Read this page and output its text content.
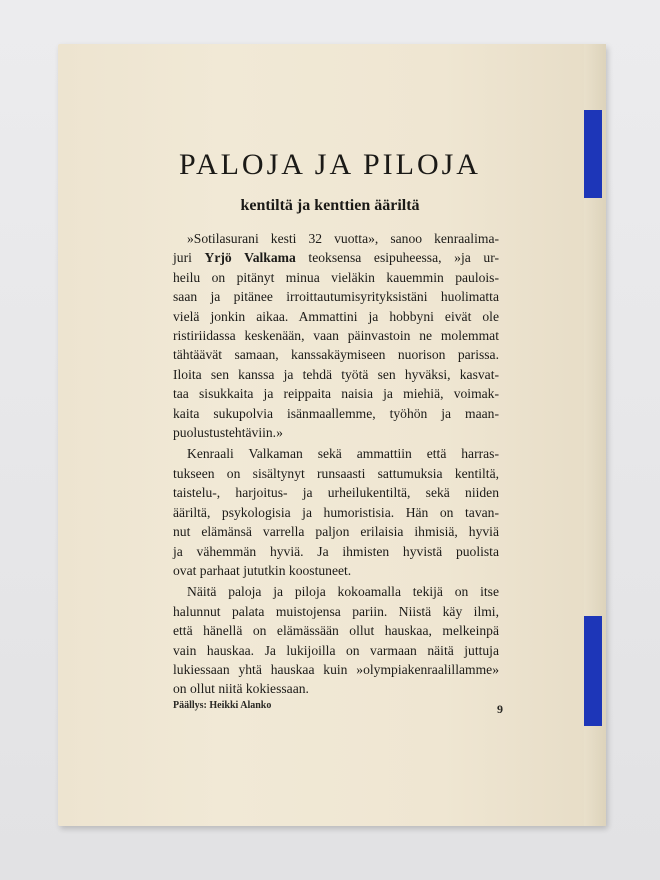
PALOJA JA PILOJA
kentiltä ja kenttien ääriltä

»Sotilasurani kesti 32 vuotta», sanoo kenraalima-
juri Yrjö Valkama teoksensa esipuheessa, »ja ur-
heilu on pitänyt minua vieläkin kauemmin paulois-
saan ja pitänee irroittautumisyrityksistäni huolimatta
vielä jonkin aikaa. Ammattini ja hobbyni eivät ole
ristiriidassa keskenään, vaan päinvastoin ne molemmat
tähtäävät samaan, kanssakäymiseen nuorison parissa.
Iloita sen kanssa ja tehdä työtä sen hyväksi, kasvat-
taa sisukkaita ja reippaita naisia ja miehiä, voimak-
kaita sukupolvia isänmaallemme, työhön ja maan-
puolustustehtäviin.»

Kenraali Valkaman sekä ammattiin että harras-
tukseen on sisältynyt runsaasti sattumuksia kentiltä,
taistelu-, harjoitus- ja urheilukentiltä, sekä niiden
ääriltä, psykologisia ja humoristisia. Hän on tavan-
nut elämänsä varrella paljon erilaisia ihmisiä, hyviä
ja vähemmän hyviä. Ja ihmisten hyvistä puolista
ovat parhaat jututkin koostuneet.

Näitä paloja ja piloja kokoamalla tekijä on itse
halunnut palata muistojensa pariin. Niistä käy ilmi,
että hänellä on elämässään ollut hauskaa, melkeinpä
vain hauskaa. Ja lukijoilla on varmaan näitä juttuja
lukiessaan yhtä hauskaa kuin »olympiakenraalillamme»
on ollut niitä kokiessaan.

Päällys: Heikki Alanko	9
